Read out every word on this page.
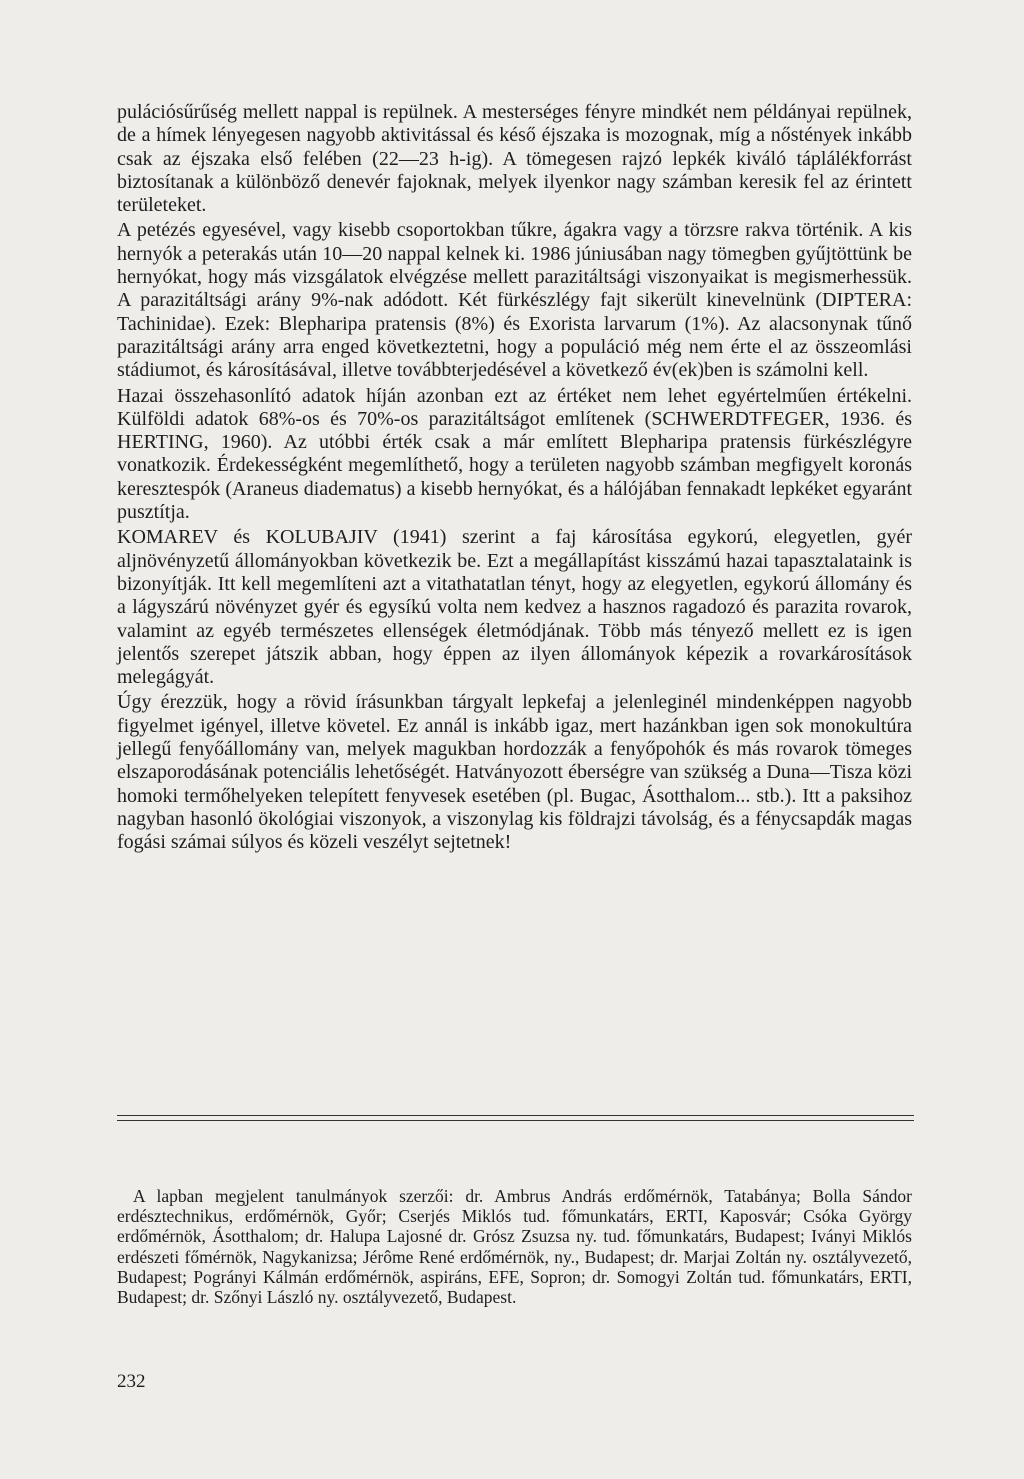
pulációsűrűség mellett nappal is repülnek. A mesterséges fényre mindkét nem példányai repülnek, de a hímek lényegesen nagyobb aktivitással és késő éjszaka is mozognak, míg a nőstények inkább csak az éjszaka első felében (22—23 h-ig). A tömegesen rajzó lepkék kiváló táplálékforrást biztosítanak a különböző denevér fajoknak, melyek ilyenkor nagy számban keresik fel az érintett területeket.

A petézés egyesével, vagy kisebb csoportokban tűkre, ágakra vagy a törzsre rakva történik. A kis hernyók a peterakás után 10—20 nappal kelnek ki. 1986 júniusában nagy tömegben gyűjtöttünk be hernyókat, hogy más vizsgálatok elvégzése mellett parazitáltsági viszonyaikat is megismerhessük. A parazitáltsági arány 9%-nak adódott. Két fürkészlégy fajt sikerült kinevelnünk (DIPTERA: Tachinidae). Ezek: Blepharipa pratensis (8%) és Exorista larvarum (1%). Az alacsonynak tűnő parazitáltsági arány arra enged következtetni, hogy a populáció még nem érte el az összeomlási stádiumot, és károsításával, illetve továbbterjedésével a következő év(ek)ben is számolni kell.

Hazai összehasonlító adatok híján azonban ezt az értéket nem lehet egyértelműen értékelni. Külföldi adatok 68%-os és 70%-os parazitáltságot említenek (SCHWERDTFEGER, 1936. és HERTING, 1960). Az utóbbi érték csak a már említett Blepharipa pratensis fürkészlégyre vonatkozik. Érdekességként megemlíthető, hogy a területen nagyobb számban megfigyelt koronás keresztespók (Araneus diadematus) a kisebb hernyókat, és a hálójában fennakadt lepkéket egyaránt pusztítja.

KOMAREV és KOLUBAJIV (1941) szerint a faj károsítása egykorú, elegyetlen, gyér aljnövényzetű állományokban következik be. Ezt a megállapítást kisszámú hazai tapasztalataink is bizonyítják. Itt kell megemlíteni azt a vitathatatlan tényt, hogy az elegyetlen, egykorú állomány és a lágyszárú növényzet gyér és egysíkú volta nem kedvez a hasznos ragadozó és parazita rovarok, valamint az egyéb természetes ellenségek életmódjának. Több más tényező mellett ez is igen jelentős szerepet játszik abban, hogy éppen az ilyen állományok képezik a rovarkárosítások melegágyát.

Úgy érezzük, hogy a rövid írásunkban tárgyalt lepkefaj a jelenleginél mindenképpen nagyobb figyelmet igényel, illetve követel. Ez annál is inkább igaz, mert hazánkban igen sok monokultúra jellegű fenyőállomány van, melyek magukban hordozzák a fenyőpohók és más rovarok tömeges elszaporodásának potenciális lehetőségét. Hatványozott éberségre van szükség a Duna—Tisza közi homoki termőhelyeken telepített fenyvesek esetében (pl. Bugac, Ásotthalom... stb.). Itt a paksihoz nagyban hasonló ökológiai viszonyok, a viszonylag kis földrajzi távolság, és a fénycsapdák magas fogási számai súlyos és közeli veszélyt sejtetnek!

A lapban megjelent tanulmányok szerzői: dr. Ambrus András erdőmérnök, Tatabánya; Bolla Sándor erdésztechnikus, erdőmérnök, Győr; Cserjés Miklós tud. főmunkatárs, ERTI, Kaposvár; Csóka György erdőmérnök, Ásotthalom; dr. Halupa Lajosné dr. Grósz Zsuzsa ny. tud. főmunkatárs, Budapest; Iványi Miklós erdészeti főmérnök, Nagykanizsa; Jérôme René erdőmérnök, ny., Budapest; dr. Marjai Zoltán ny. osztályvezető, Budapest; Pogrányi Kálmán erdőmérnök, aspiráns, EFE, Sopron; dr. Somogyi Zoltán tud. főmunkatárs, ERTI, Budapest; dr. Szőnyi László ny. osztályvezető, Budapest.
232
